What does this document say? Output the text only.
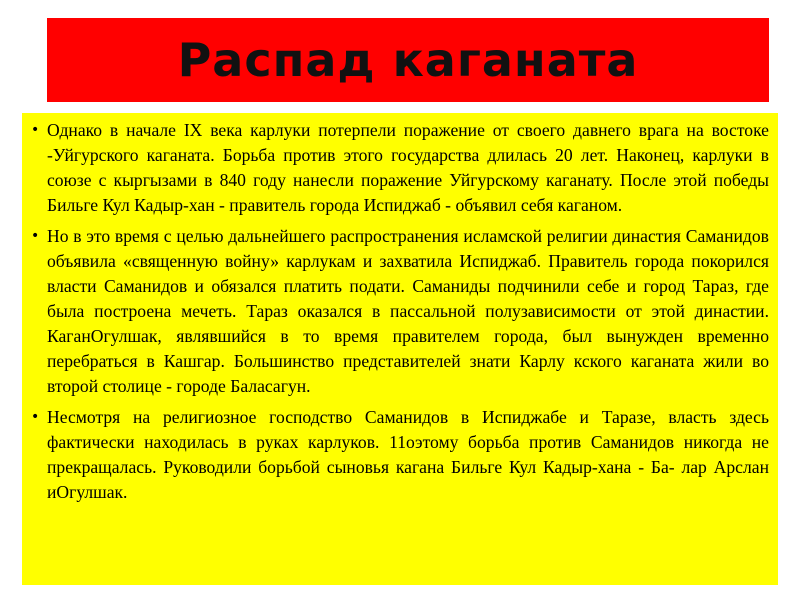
Распад каганата
• Однако в начале IX века карлуки потерпели поражение от своего давнего врага на востоке -Уйгурского каганата. Борьба против этого государства длилась 20 лет. Наконец, карлуки в союзе с кыргызами в 840 году нанесли поражение Уйгурскому каганату. После этой победы Бильге Кул Кадыр-хан - правитель города Испиджаб - объявил себя каганом.
• Но в это время с целью дальнейшего распространения исламской религии династия Саманидов объявила «священную войну» карлукам и захватила Испиджаб. Правитель города покорился власти Саманидов и обязался платить подати. Саманиды подчинили себе и город Тараз, где была построена мечеть. Тараз оказался в пассальной полузависимости от этой династии. КаганОгулшак, являвшийся в то время правителем города, был вынужден временно перебраться в Кашгар. Большинство представителей знати Карлу кского каганата жили во второй столице - городе Баласагун.
• Несмотря на религиозное господство Саманидов в Испиджабе и Таразе, власть здесь фактически находилась в руках карлуков. 11оэтому борьба против Саманидов никогда не прекращалась. Руководили борьбой сыновья кагана Бильге Кул Кадыр-хана - Ба- лар Арслан иОгулшак.
